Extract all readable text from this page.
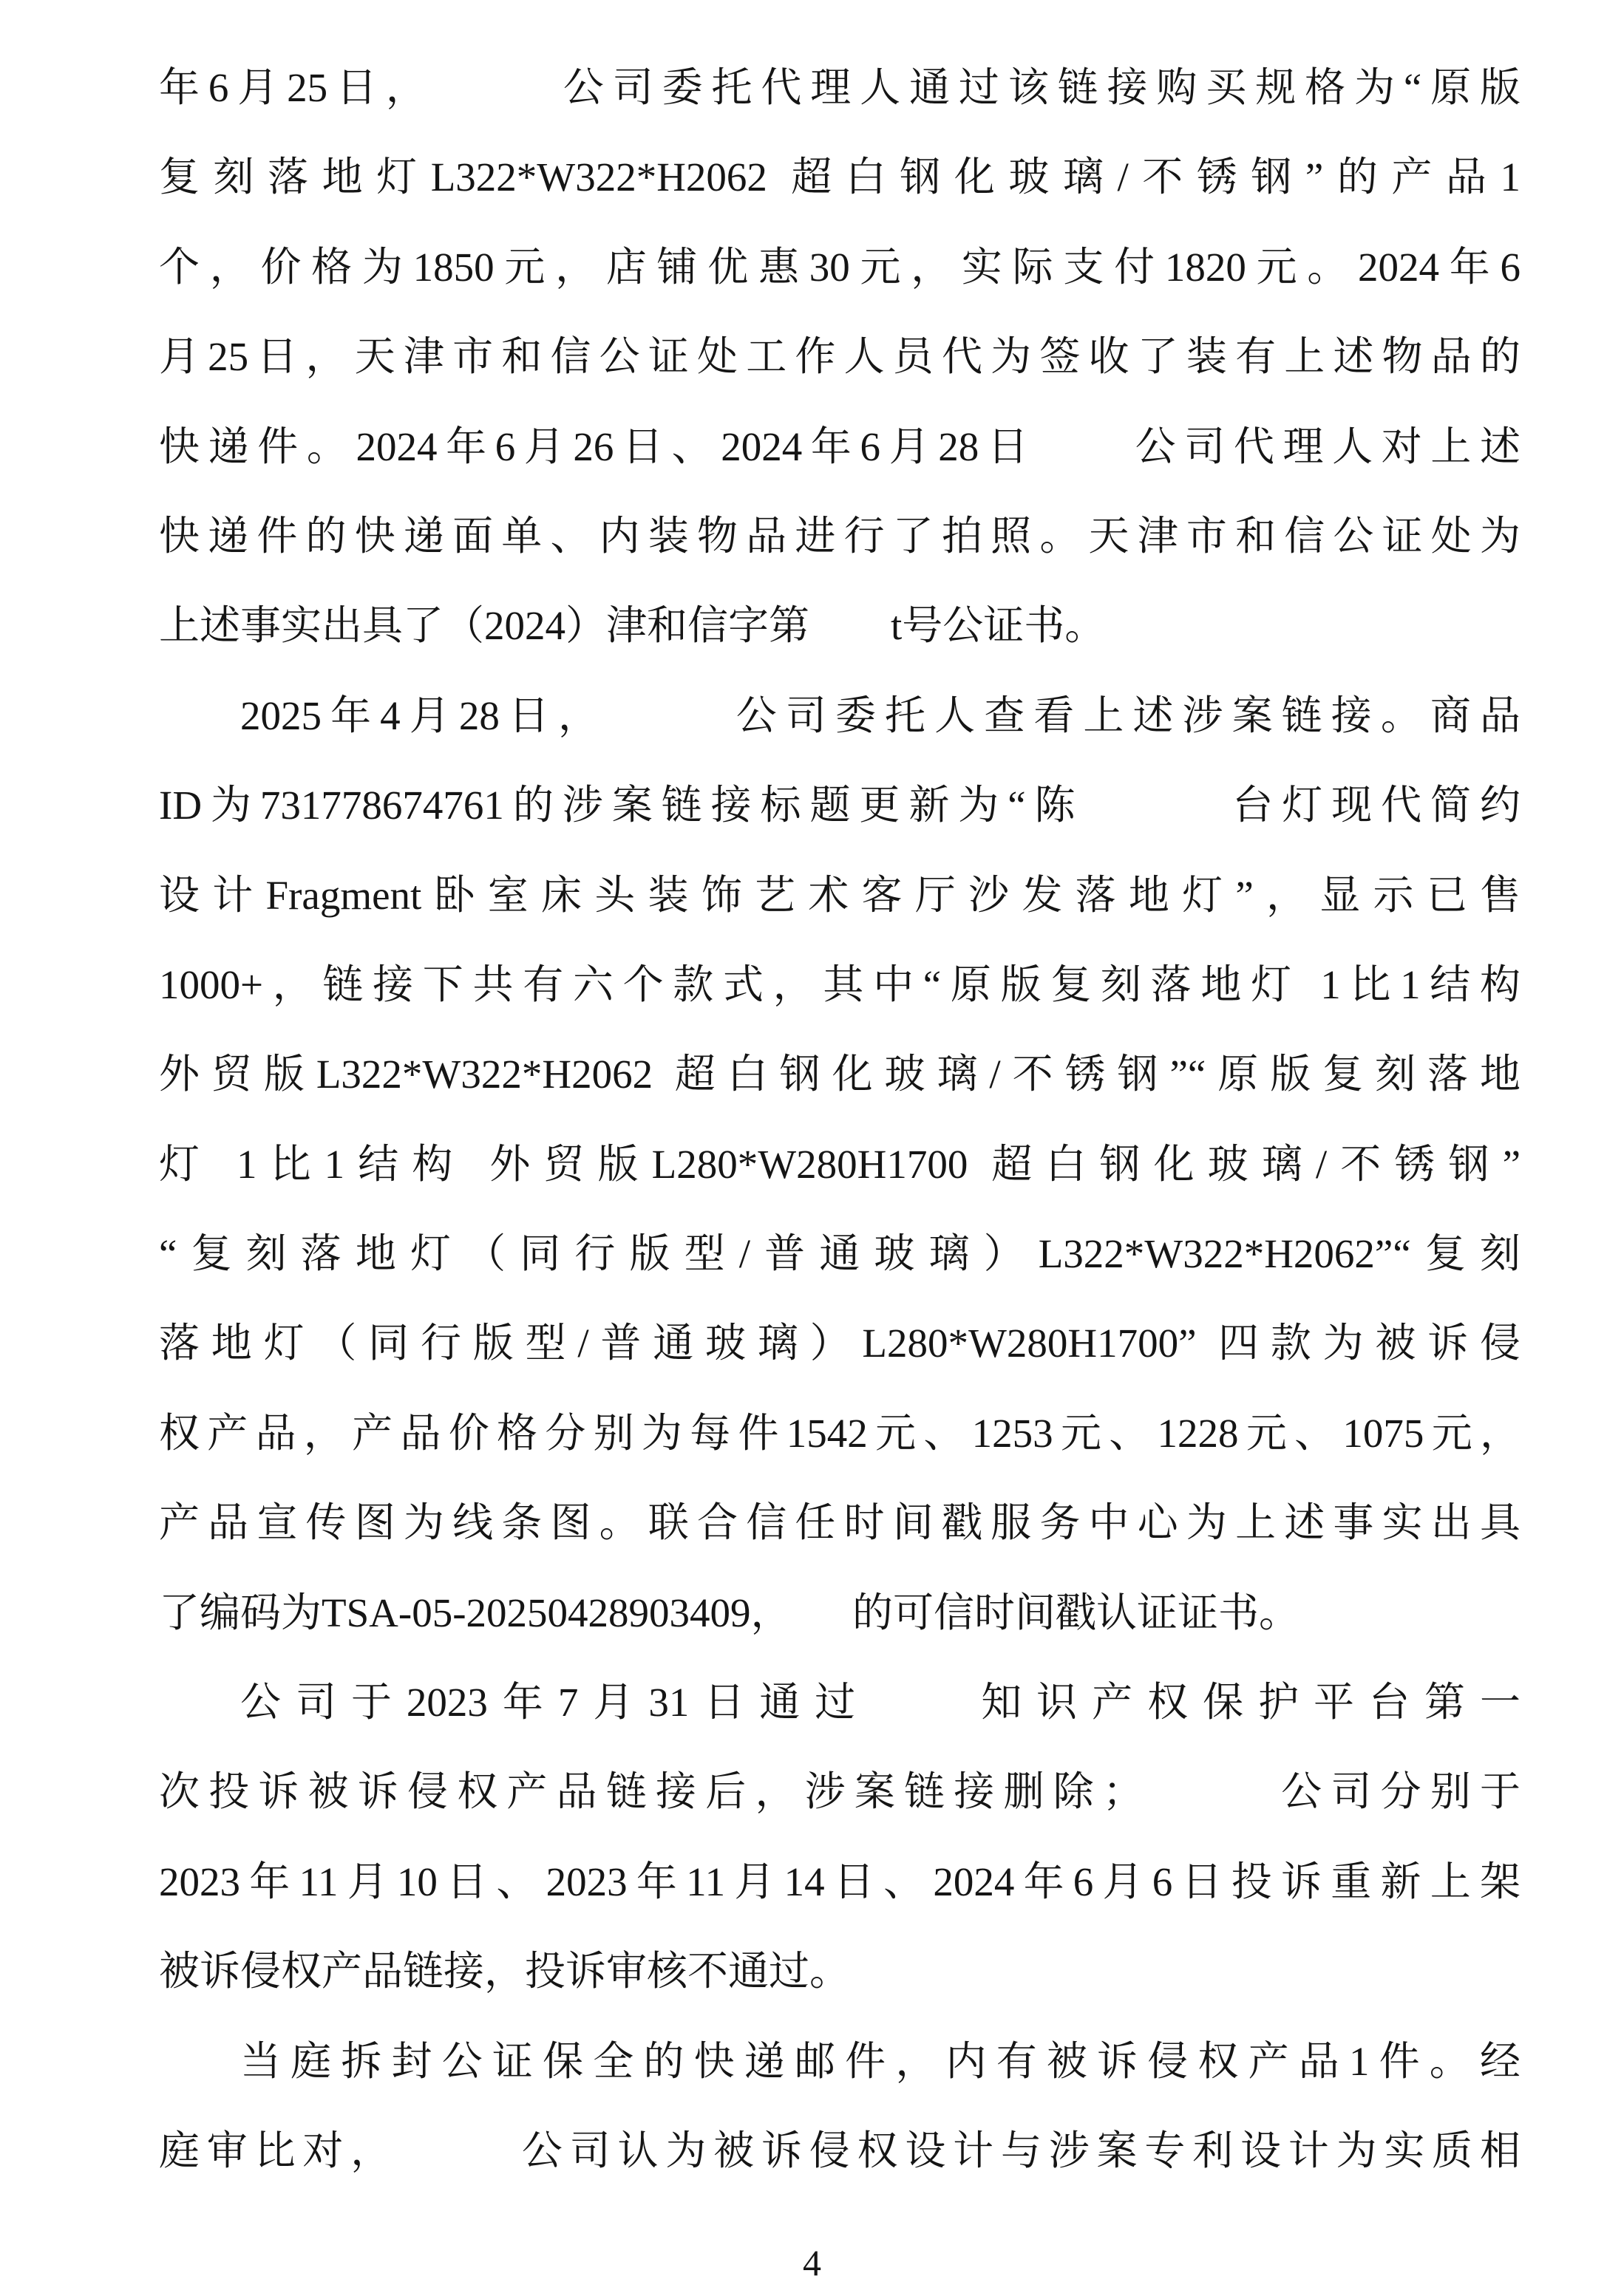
年6月25日，　　　公司委托代理人通过该链接购买规格为“原版
复刻落地灯L322*W322*H2062 超白钢化玻璃/不锈钢”的产品1
个，价格为1850元，店铺优惠30元，实际支付1820元。2024年6
月25日，天津市和信公证处工作人员代为签收了装有上述物品的
快递件。2024年6月26日、2024年6月28日　　公司代理人对上述
快递件的快递面单、内装物品进行了拍照。天津市和信公证处为
上述事实出具了（2024）津和信字第　　t号公证书。
2025年4月28日，　　　公司委托人查看上述涉案链接。商品
ID为731778674761的涉案链接标题更新为“陈　　　台灯现代简约
设计Fragment卧室床头装饰艺术客厅沙发落地灯”，显示已售
1000+，链接下共有六个款式，其中“原版复刻落地灯 1比1结构
外贸版L322*W322*H2062 超白钢化玻璃/不锈钢”“原版复刻落地
灯 1比1结构 外贸版L280*W280H1700 超白钢化玻璃/不锈钢”
“复刻落地灯（同行版型/普通玻璃）L322*W322*H2062”“复刻
落地灯（同行版型/普通玻璃）L280*W280H1700” 四款为被诉侵
权产品，产品价格分别为每件1542元、1253元、1228元、1075元，
产品宣传图为线条图。联合信任时间戳服务中心为上述事实出具
了编码为TSA-05-20250428903409，　　的可信时间戳认证证书。
公司于2023年7月31日通过　　知识产权保护平台第一
次投诉被诉侵权产品链接后，涉案链接删除；　　　公司分别于
2023年11月10日、2023年11月14日、2024年6月6日投诉重新上架
被诉侵权产品链接，投诉审核不通过。
当庭拆封公证保全的快递邮件，内有被诉侵权产品1件。经
庭审比对，　　　公司认为被诉侵权设计与涉案专利设计为实质相
4
